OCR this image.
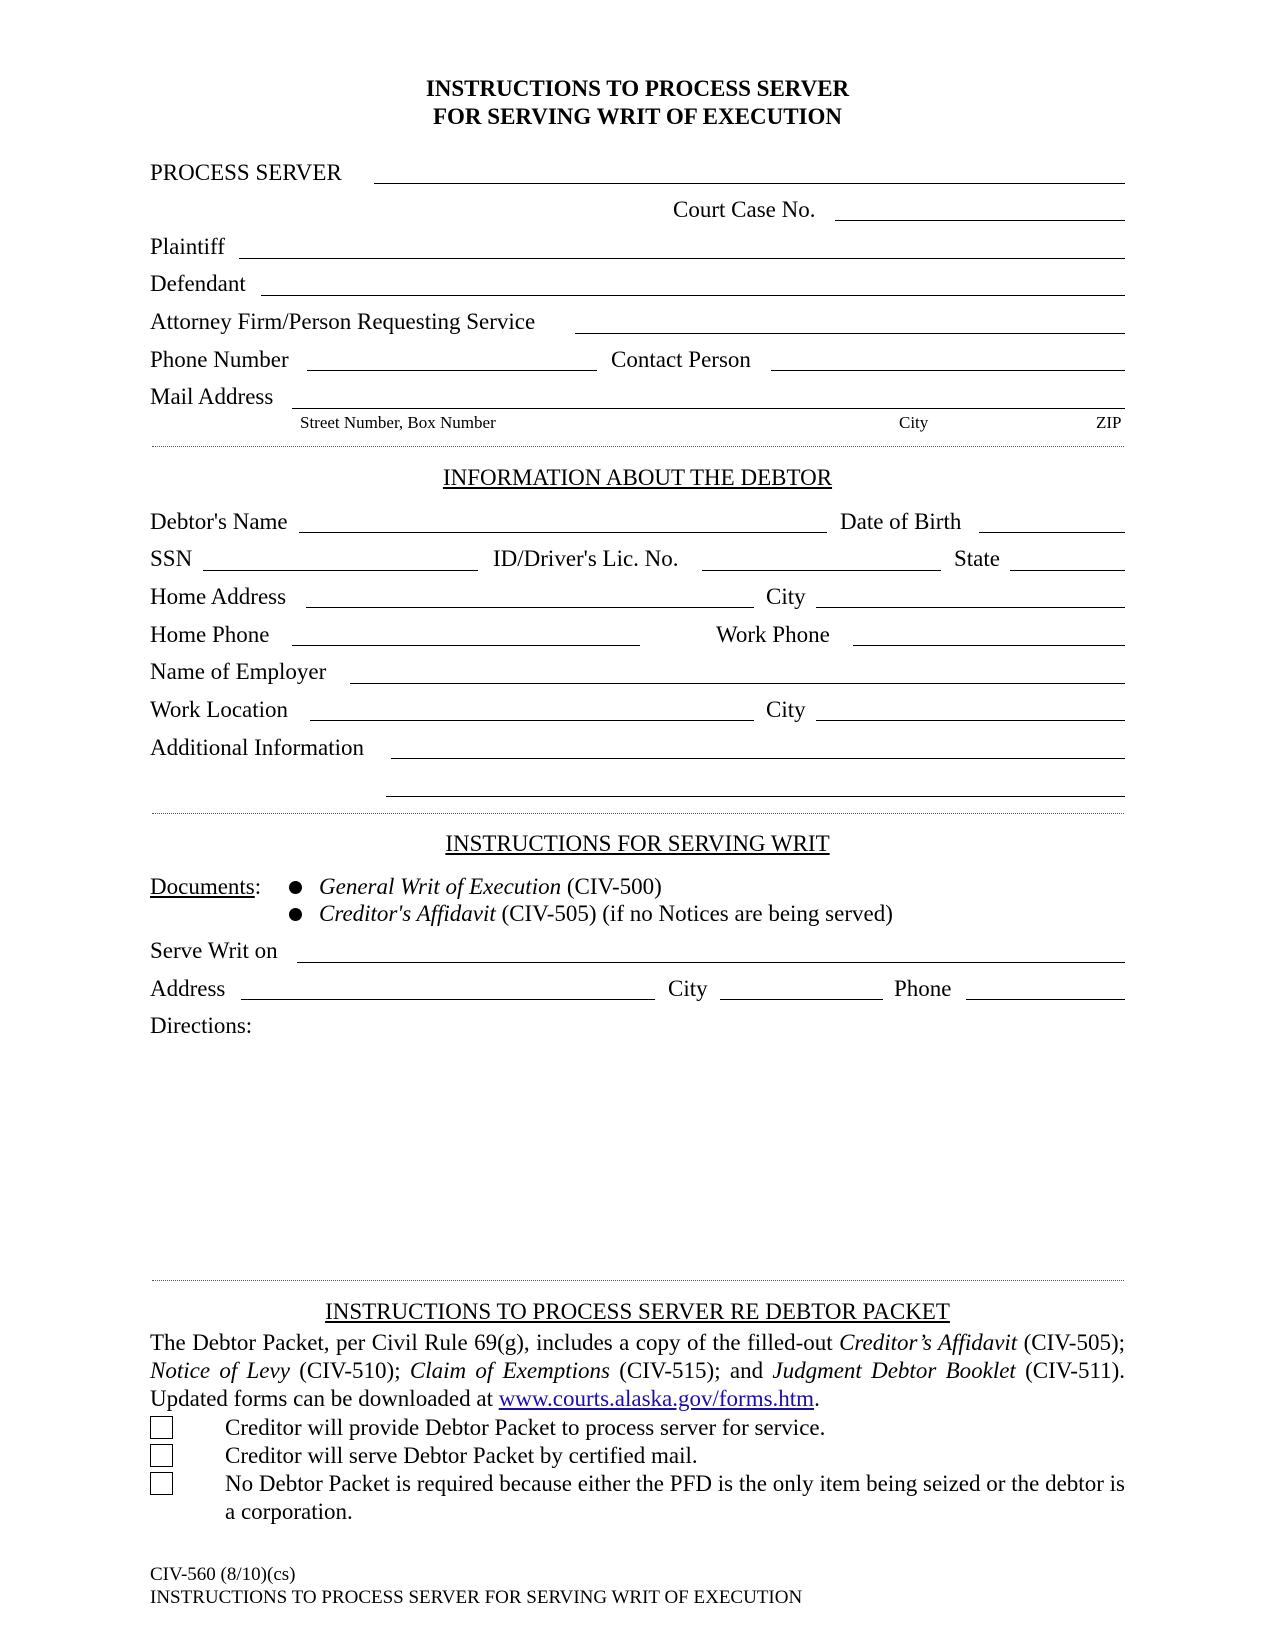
INSTRUCTIONS TO PROCESS SERVER
FOR SERVING WRIT OF EXECUTION
PROCESS SERVER
Court Case No.
Plaintiff
Defendant
Attorney Firm/Person Requesting Service
Phone Number	Contact Person
Mail Address
Street Number, Box Number	City	ZIP
INFORMATION ABOUT THE DEBTOR
Debtor's Name	Date of Birth
SSN	ID/Driver's Lic. No.	State
Home Address	City
Home Phone	Work Phone
Name of Employer
Work Location	City
Additional Information
INSTRUCTIONS FOR SERVING WRIT
Documents:	General Writ of Execution (CIV-500)
Creditor's Affidavit (CIV-505) (if no Notices are being served)
Serve Writ on
Address	City	Phone
Directions:
INSTRUCTIONS TO PROCESS SERVER RE DEBTOR PACKET
The Debtor Packet, per Civil Rule 69(g), includes a copy of the filled-out Creditor’s Affidavit (CIV-505); Notice of Levy (CIV-510); Claim of Exemptions (CIV-515); and Judgment Debtor Booklet (CIV-511). Updated forms can be downloaded at www.courts.alaska.gov/forms.htm.
Creditor will provide Debtor Packet to process server for service.
Creditor will serve Debtor Packet by certified mail.
No Debtor Packet is required because either the PFD is the only item being seized or the debtor is a corporation.
CIV-560 (8/10)(cs)
INSTRUCTIONS TO PROCESS SERVER FOR SERVING WRIT OF EXECUTION
